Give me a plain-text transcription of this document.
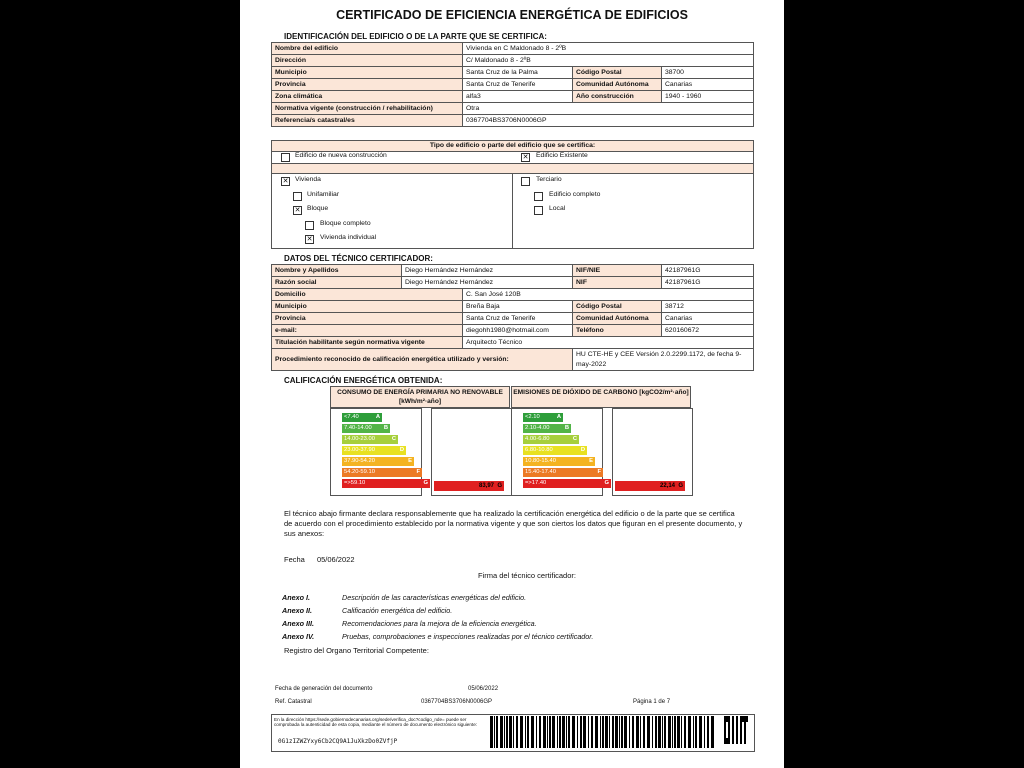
CERTIFICADO DE EFICIENCIA ENERGÉTICA DE EDIFICIOS
IDENTIFICACIÓN DEL EDIFICIO O DE LA PARTE QUE SE CERTIFICA:
Nombre del edificio	Vivienda en C Maldonado 8 - 2ºB		
Dirección	C/ Maldonado 8 - 2ºB		
Municipio	Santa Cruz de la Palma	Código Postal	38700
Provincia	Santa Cruz de Tenerife	Comunidad Autónoma	Canarias
Zona climática	alfa3	Año construcción	1940 - 1960
Normativa vigente (construcción / rehabilitación)	Otra		
Referencia/s catastral/es	0367704BS3706N0006GP		
Tipo de edificio o parte del edificio que se certifica:
Edificio de nueva construcción	✕ Edificio Existente
✕ Vivienda
Unifamiliar
✕ Bloque
Bloque completo
✕ Vivienda individual
Terciario
Edificio completo
Local
DATOS DEL TÉCNICO CERTIFICADOR:
Nombre y Apellidos	Diego Hernández Hernández		NIF/NIE	42187961G
Razón social	Diego Hernández Hernández		NIF	42187961G
Domicilio		C. San José 120B		
Municipio		Breña Baja	Código Postal	38712
Provincia		Santa Cruz de Tenerife	Comunidad Autónoma	Canarias
e-mail:		diegohh1980@hotmail.com	Teléfono	620160672
Titulación habilitante según normativa vigente		Arquitecto Técnico		
Procedimiento reconocido de calificación energética utilizado y versión:			HU CTE-HE y CEE Versión 2.0.2299.1172, de fecha 9-may-2022	
CALIFICACIÓN ENERGÉTICA OBTENIDA:
CONSUMO DE ENERGÍA PRIMARIA NO RENOVABLE [kWh/m²·año]
<7.40	A
7.40-14.00 B
14.00-23.00	C
23.00-37.90	D
37.90-54.20	E
54.20-59.10	F
=>59.10	G	83,97 G
EMISIONES DE DIÓXIDO DE CARBONO [kgCO2/m²·año]
<2.10	A
2.10-4.00	B
4.00-6.80	C
6.80-10.80	D
10.80-15.40	E
15.40-17.40	F
=>17.40	G	22,14 G
El técnico abajo firmante declara responsablemente que ha realizado la certificación energética del edificio o de la parte que se certifica de acuerdo con el procedimiento establecido por la normativa vigente y que son ciertos los datos que figuran en el presente documento, y sus anexos:
Fecha 05/06/2022
Firma del técnico certificador:
Anexo I.	Descripción de las características energéticas del edificio.
Anexo II.	Calificación energética del edificio.
Anexo III.	Recomendaciones para la mejora de la eficiencia energética.
Anexo IV.	Pruebas, comprobaciones e inspecciones realizadas por el técnico certificador.
Registro del Organo Territorial Competente:
Fecha de generación del documento	05/06/2022
Ref. Catastral	0367704BS3706N0006GP	Página 1 de 7
En la dirección https://sede.gobiernodecanarias.org/sede/verifica_doc?codigo_nde= puede ser comprobada la autenticidad de esta copia, mediante el número de documento electrónico siguiente:
0G1zIZWZYxy6Cb2CQ9A1JuXkzDo0ZVfjP
